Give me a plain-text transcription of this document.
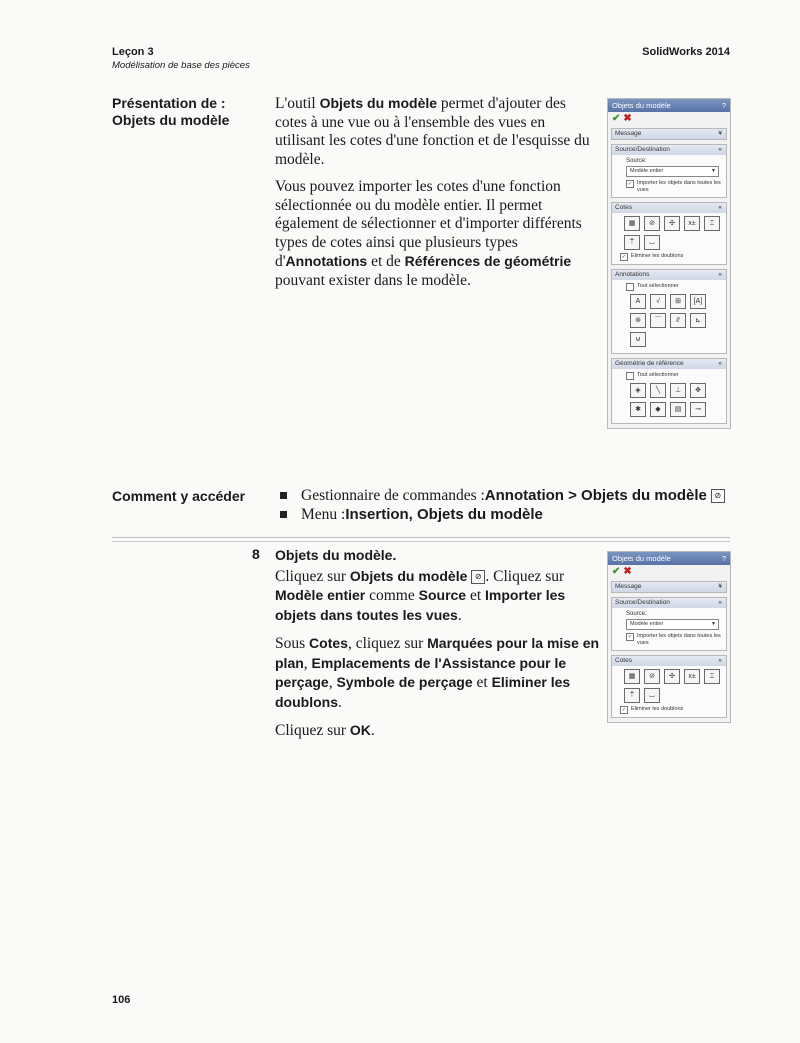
Leçon 3
Modélisation de base des pièces
SolidWorks 2014
Présentation de :
Objets du modèle

L'outil Objets du modèle permet d'ajouter des cotes à une vue ou à l'ensemble des vues en utilisant les cotes d'une fonction et de l'esquisse du modèle.

Vous pouvez importer les cotes d'une fonction sélectionnée ou du modèle entier. Il permet également de sélectionner et d'importer différents types de cotes ainsi que plusieurs types d'Annotations et de Références de géométrie pouvant exister dans le modèle.

Objets du modèle	?
✔ ✖
Message	¥
Source/Destination	«
Source:
Modèle entier	▼
✓ Importer les objets dans toutes les vues
Cotes	«
▦	⊘	✣	x±	⌶
⍑	⌴
✓ Eliminer les doublons
Annotations	«
Tout sélectionner
A	√	⊞	[A]
⊛	⌒	⫻	⊾
⊎
Géométrie de référence	«
Tout sélectionner
◈	╲	⊥	✥
✱	◆	▤	⊸
Comment y accéder	Gestionnaire de commandes : Annotation > Objets du modèle ⊘
Menu : Insertion, Objets du modèle
8 Objets du modèle.

Cliquez sur Objets du modèle ⊘ . Cliquez sur Modèle entier comme Source et Importer les objets dans toutes les vues.

Sous Cotes, cliquez sur Marquées pour la mise en plan, Emplacements de l'Assistance pour le perçage, Symbole de perçage et Eliminer les doublons.

Cliquez sur OK.

Objets du modèle	?
✔ ✖
Message	¥
Source/Destination	«
Source:
Modèle entier	▼
✓ Importer les objets dans toutes les vues
Cotes	«
▦	⊘	✣	x±	⌶
⍑	⌴
✓ Eliminer les doublons
106
